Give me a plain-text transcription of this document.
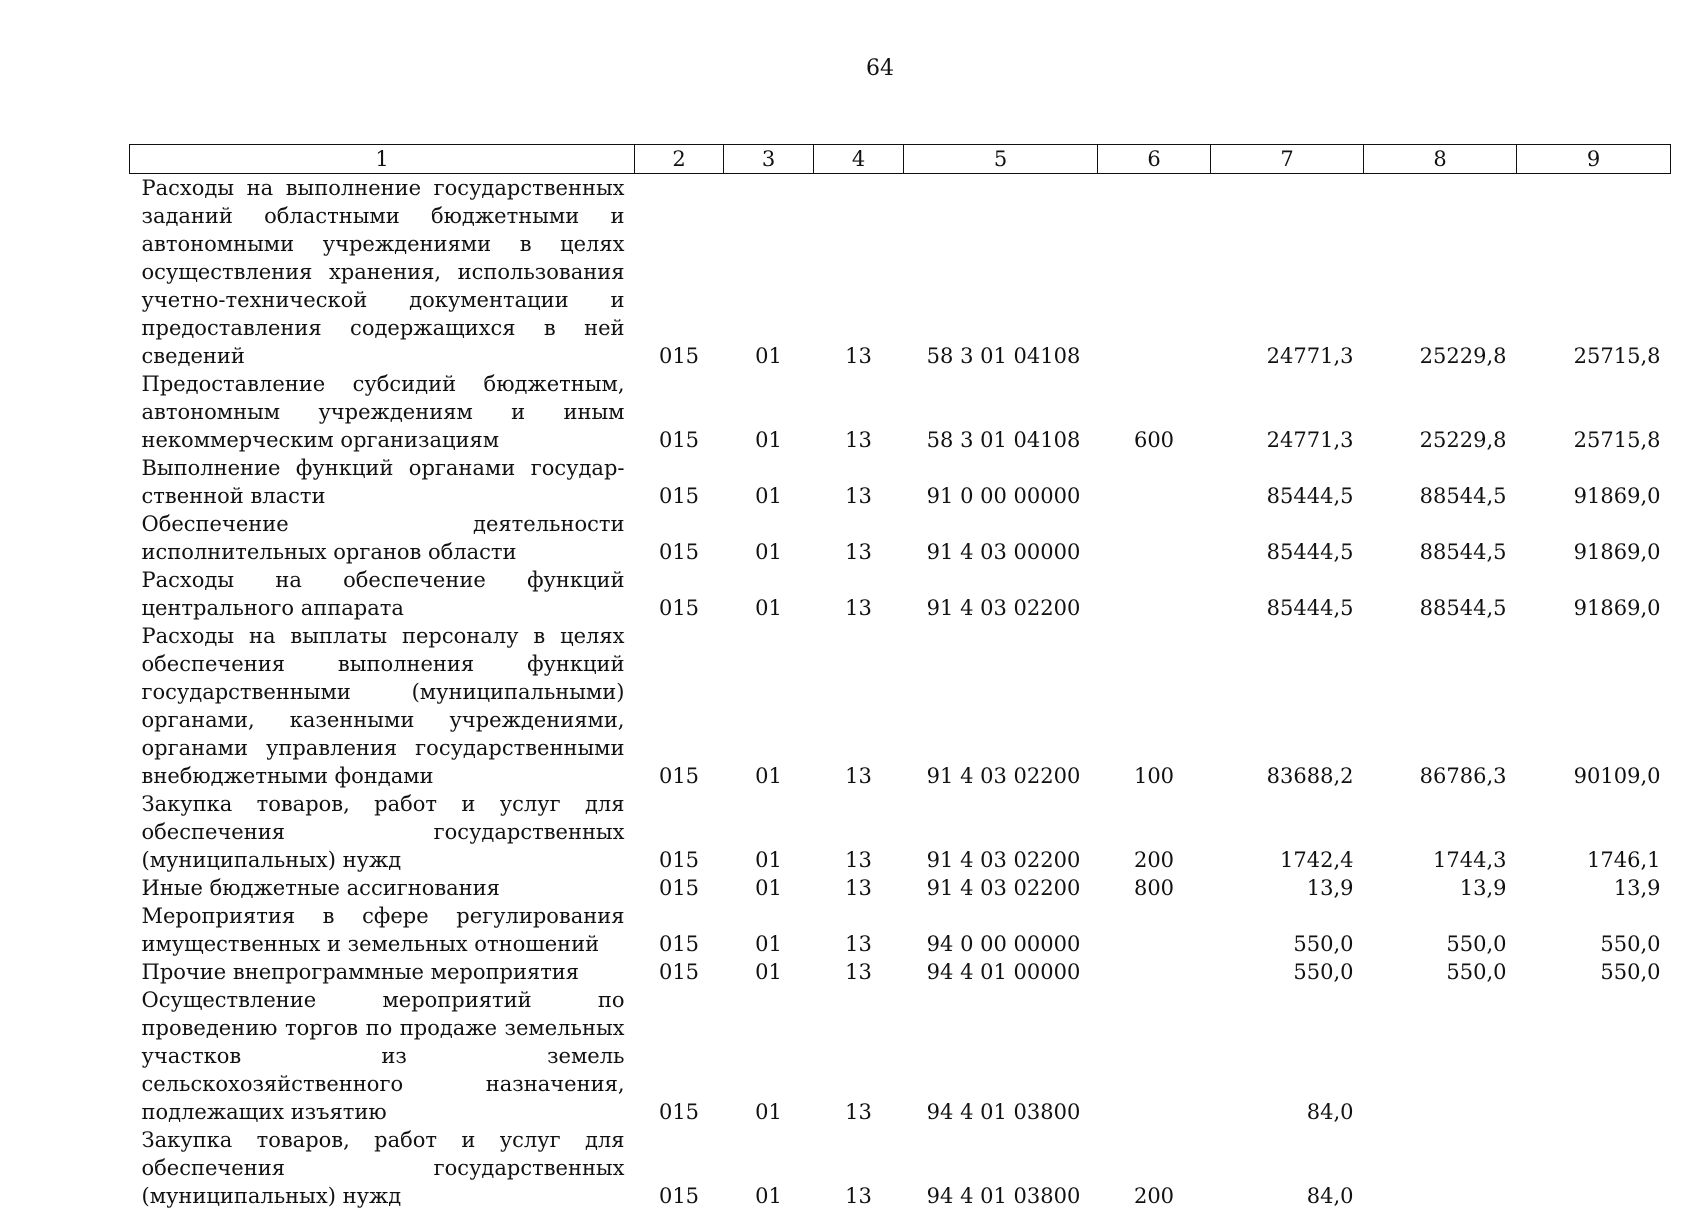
64
1	2	3	4	5	6	7	8	9
Расходы на выполнение государственных заданий областными бюджетными и автономными учреждениями в целях осуществления хранения, использования учетно-технической документации и предоставления содержащихся в ней сведений	015	01	13	58 3 01 04108		24771,3	25229,8	25715,8
Предоставление субсидий бюджетным, автономным учреждениям и иным некоммерческим организациям	015	01	13	58 3 01 04108	600	24771,3	25229,8	25715,8
Выполнение функций органами государственной власти	015	01	13	91 0 00 00000		85444,5	88544,5	91869,0
Обеспечение деятельности исполнительных органов области	015	01	13	91 4 03 00000		85444,5	88544,5	91869,0
Расходы на обеспечение функций центрального аппарата	015	01	13	91 4 03 02200		85444,5	88544,5	91869,0
Расходы на выплаты персоналу в целях обеспечения выполнения функций государственными (муниципальными) органами, казенными учреждениями, органами управления государственными внебюджетными фондами	015	01	13	91 4 03 02200	100	83688,2	86786,3	90109,0
Закупка товаров, работ и услуг для обеспечения государственных (муниципальных) нужд	015	01	13	91 4 03 02200	200	1742,4	1744,3	1746,1
Иные бюджетные ассигнования	015	01	13	91 4 03 02200	800	13,9	13,9	13,9
Мероприятия в сфере регулирования имущественных и земельных отношений	015	01	13	94 0 00 00000		550,0	550,0	550,0
Прочие внепрограммные мероприятия	015	01	13	94 4 01 00000		550,0	550,0	550,0
Осуществление мероприятий по проведению торгов по продаже земельных участков из земель сельскохозяйственного назначения, подлежащих изъятию	015	01	13	94 4 01 03800		84,0		
Закупка товаров, работ и услуг для обеспечения государственных (муниципальных) нужд	015	01	13	94 4 01 03800	200	84,0		
